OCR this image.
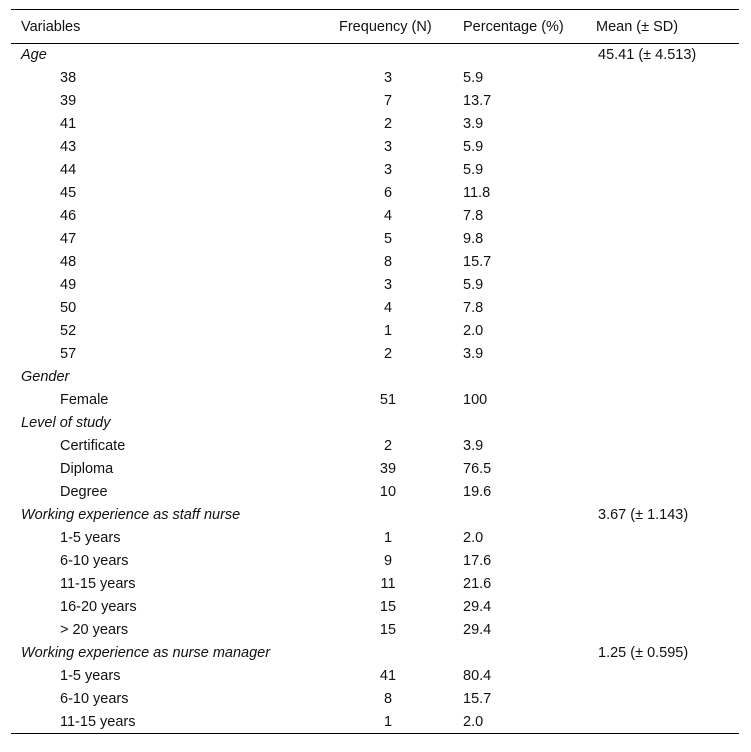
Variables	Frequency (N)	Percentage (%)	Mean (± SD)
Age			45.41 (± 4.513)
38	3	5.9	
39	7	13.7	
41	2	3.9	
43	3	5.9	
44	3	5.9	
45	6	11.8	
46	4	7.8	
47	5	9.8	
48	8	15.7	
49	3	5.9	
50	4	7.8	
52	1	2.0	
57	2	3.9	
Gender			
Female	51	100	
Level of study			
Certificate	2	3.9	
Diploma	39	76.5	
Degree	10	19.6	
Working experience as staff nurse			3.67 (± 1.143)
1-5 years	1	2.0	
6-10 years	9	17.6	
11-15 years	11	21.6	
16-20 years	15	29.4	
> 20 years	15	29.4	
Working experience as nurse manager			1.25 (± 0.595)
1-5 years	41	80.4	
6-10 years	8	15.7	
11-15 years	1	2.0	
